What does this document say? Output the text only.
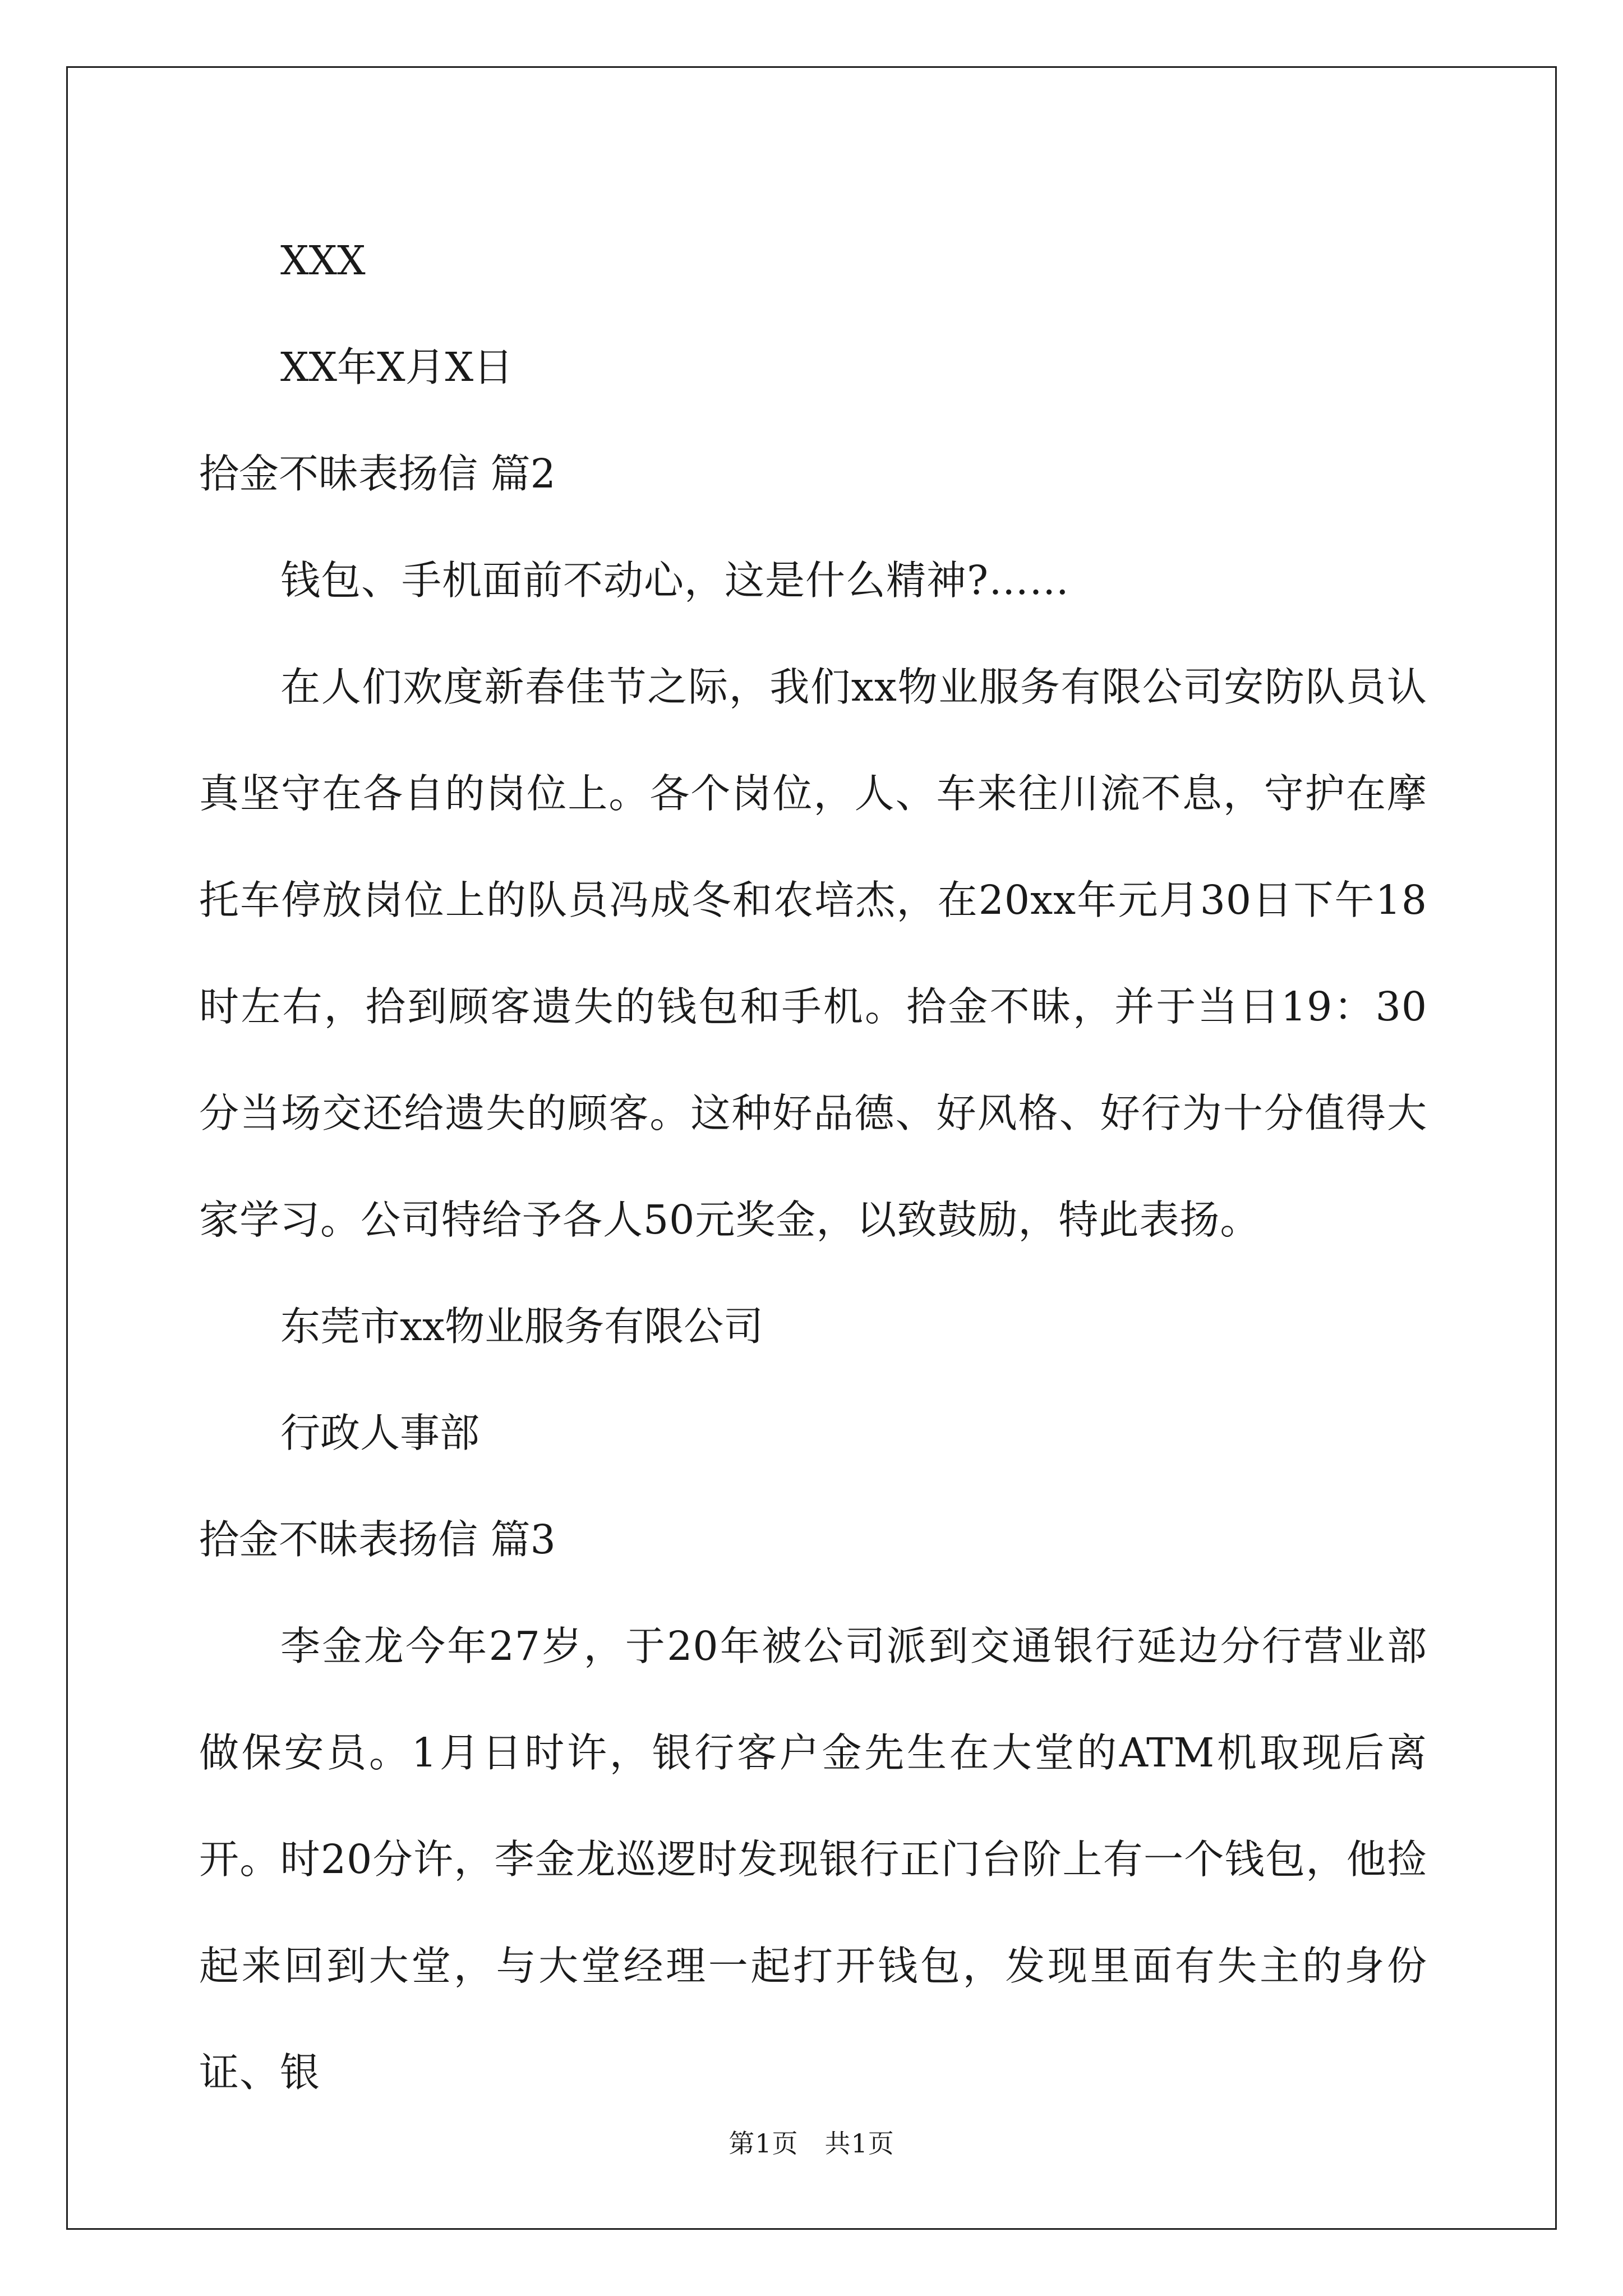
XXX

XX年X月X日

拾金不昧表扬信 篇2

钱包、手机面前不动心，这是什么精神?……

在人们欢度新春佳节之际，我们xx物业服务有限公司安防队员认真坚守在各自的岗位上。各个岗位，人、车来往川流不息，守护在摩托车停放岗位上的队员冯成冬和农培杰，在20xx年元月30日下午18时左右，拾到顾客遗失的钱包和手机。拾金不昧，并于当日19：30分当场交还给遗失的顾客。这种好品德、好风格、好行为十分值得大家学习。公司特给予各人50元奖金，以致鼓励，特此表扬。

东莞市xx物业服务有限公司

行政人事部

拾金不昧表扬信 篇3

李金龙今年27岁，于20年被公司派到交通银行延边分行营业部做保安员。1月日时许，银行客户金先生在大堂的ATM机取现后离开。时20分许，李金龙巡逻时发现银行正门台阶上有一个钱包，他捡起来回到大堂，与大堂经理一起打开钱包，发现里面有失主的身份证、银

第1页　共1页
